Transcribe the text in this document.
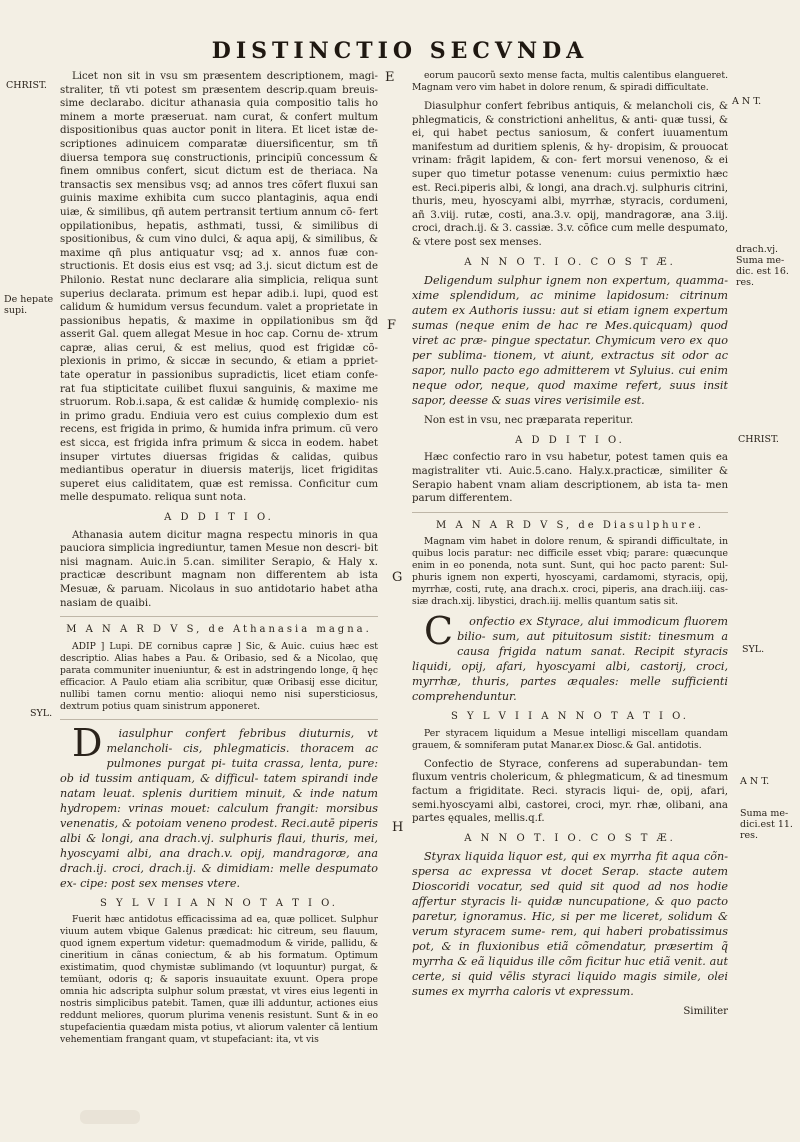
DISTINCTIO SECVNDA
CHRIST.
De hepate supi.
SYL.
E
F
G
H
A N T.
drach.vj. Suma me- dic. est 16. res.
CHRIST.
SYL.
A N T.
Suma me- dici.est 11. res.

Licet non sit in vsu sm præsentem descriptionem, magi- straliter, tñ vti potest sm præsentem descrip.quam breuis- sime declarabo. dicitur athanasia quia compositio talis ho minem a morte præseruat. nam curat, & confert multum dispositionibus quas auctor ponit in litera. Et licet istæ de- scriptiones adinuicem comparatæ diuersificentur, sm tñ diuersa tempora suę constructionis, principiũ concessum & finem omnibus confert, sicut dictum est de theriaca. Na transactis sex mensibus vsq; ad annos tres cõfert fluxui san guinis maxime exhibita cum succo plantaginis, aqua endi uiæ, & similibus, qñ autem pertransit tertium annum cõ- fert oppilationibus, hepatis, asthmati, tussi, & similibus di spositionibus, & cum vino dulci, & aqua apij, & similibus, & maxime qñ plus antiquatur vsq; ad x. annos fuæ con- structionis. Et dosis eius est vsq; ad 3.j. sicut dictum est de Philonio. Restat nunc declarare alia simplicia, reliqua sunt superius declarata. primum est hepar adib.i. lupi, quod est calidum & humidum versus fecundum. valet a proprietate in passionibus hepatis, & maxime in oppilationibus sm q̃d asserit Gal. quem allegat Mesue in hoc cap. Cornu de- xtrum capræ, alias cerui, & est melius, quod est frigidæ cõ- plexionis in primo, & siccæ in secundo, & etiam a ppriet- tate operatur in passionibus supradictis, licet etiam confe- rat fua stipticitate cuilibet fluxui sanguinis, & maxime me struorum. Rob.i.sapa, & est calidæ & humidę complexio- nis in primo gradu. Endiuia vero est cuius complexio dum est recens, est frigida in primo, & humida infra primum. cũ vero est sicca, est frigida infra primum & sicca in eodem. habet insuper virtutes diuersas frigidas & calidas, quibus mediantibus operatur in diuersis materijs, licet frigiditas superet eius caliditatem, quæ est remissa. Conficitur cum melle despumato. reliqua sunt nota.

A D D I T I O.

Athanasia autem dicitur magna respectu minoris in qua pauciora simplicia ingrediuntur, tamen Mesue non descri- bit nisi magnam. Auic.in 5.can. similiter Serapio, & Haly x. practicæ describunt magnam non differentem ab ista Mesuæ, & paruam. Nicolaus in suo antidotario habet atha nasiam de quaibi.

M A N A R D V S, de Athanasia magna.

ADIP ] Lupi. DE cornibus capræ ] Sic, & Auic. cuius hæc est descriptio. Alias habes a Pau. & Oribasio, sed & a Nicolao, quę parata communiter inueniuntur, & est in adstringendo longe, q̃ hęc efficacior. A Paulo etiam alia scribitur, quæ Oribasij esse dicitur, nullibi tamen cornu mentio: alioqui nemo nisi supersticiosus, dextrum potius quam sinistrum apponeret.

Diasulphur confert febribus diuturnis, vt melancholi- cis, phlegmaticis. thoracem ac pulmones purgat pi- tuita crassa, lenta, pure: ob id tussim antiquam, & difficul- tatem spirandi inde natam leuat. splenis duritiem minuit, & inde natum hydropem: vrinas mouet: calculum frangit: morsibus venenatis, & potoiam veneno prodest. Reci.autē piperis albi & longi, ana drach.vj. sulphuris flaui, thuris, mei, hyoscyami albi, ana drach.v. opij, mandragoræ, ana drach.ij. croci, drach.ij. & dimidiam: melle despumato ex- cipe: post sex menses vtere.

S Y L V I I A N N O T A T I O.

Fuerit hæc antidotus efficacissima ad ea, quæ pollicet. Sulphur viuum autem vbique Galenus prædicat: hic citreum, seu flauum, quod ignem expertum videtur: quemadmodum & viride, pallidu, & cineritium in cãnas coniectum, & ab his formatum. Optimum existimatim, quod chymistæ sublimando (vt loquuntur) purgat, & temüant, odoris q; & saporis insuauitate exuunt. Opera prope omnia hic adscripta sulphur solum præstat, vt vires eius legenti in nostris simplicibus patebit. Tamen, quæ illi adduntur, actiones eius reddunt meliores, quorum plurima venenis resistunt. Sunt & in eo stupefacientia quædam mista potius, vt aliorum valenter cã lentium vehementiam frangant quam, vt stupefaciant: ita, vt vis

eorum paucorũ sexto mense facta, multis calentibus elangueret. Magnam vero vim habet in dolore renum, & spiradi difficultate.

Diasulphur confert febribus antiquis, & melancholi cis, & phlegmaticis, & constrictioni anhelitus, & anti- quæ tussi, & ei, qui habet pectus saniosum, & confert iuuamentum manifestum ad duritiem splenis, & hy- dropisim, & prouocat vrinam: frāgit lapidem, & con- fert morsui venenoso, & ei super quo timetur potasse venenum: cuius permixtio hæc est. Reci.piperis albi, & longi, ana drach.vj. sulphuris citrini, thuris, meu, hyoscyami albi, myrrhæ, styracis, cordumeni, añ 3.viij. rutæ, costi, ana.3.v. opij, mandragoræ, ana 3.iij. croci, drach.ij. & 3. cassiæ. 3.v. cõfice cum melle despumato, & vtere post sex menses.

A N N O T. I O. C O S T Æ.

Deligendum sulphur ignem non expertum, quamma- xime splendidum, ac minime lapidosum: citrinum autem ex Authoris iussu: aut si etiam ignem expertum sumas (neque enim de hac re Mes.quicquam) quod viret ac præ- pingue spectatur. Chymicum vero ex quo per sublima- tionem, vt aiunt, extractus sit odor ac sapor, nullo pacto ego admitterem vt Syluius. cui enim neque odor, neque, quod maxime refert, suus insit sapor, deesse & suas vires verisimile est.

Non est in vsu, nec præparata reperitur.

A D D I T I O.

Hæc confectio raro in vsu habetur, potest tamen quis ea magistraliter vti. Auic.5.cano. Haly.x.practicæ, similiter & Serapio habent vnam aliam descriptionem, ab ista ta- men parum differentem.

M A N A R D V S, de Diasulphure.

Magnam vim habet in dolore renum, & spirandi difficultate, in quibus locis paratur: nec difficile esset vbiq; parare: quæcunque enim in eo ponenda, nota sunt. Sunt, qui hoc pacto parent: Sul- phuris ignem non experti, hyoscyami, cardamomi, styracis, opij, myrrhæ, costi, rutę, ana drach.x. croci, piperis, ana drach.iiij. cas- siæ drach.xij. libystici, drach.iij. mellis quantum satis sit.

Confectio ex Styrace, alui immodicum fluorem bilio- sum, aut pituitosum sistit: tinesmum a causa frigida natum sanat. Recipit styracis liquidi, opij, afari, hyoscyami albi, castorij, croci, myrrhæ, thuris, partes æquales: melle sufficienti comprehenduntur.

S Y L V I I A N N O T A T I O.

Per styracem liquidum a Mesue intelligi miscellam quandam grauem, & somniferam putat Manar.ex Diosc.& Gal. antidotis.

Confectio de Styrace, conferens ad superabundan- tem fluxum ventris cholericum, & phlegmaticum, & ad tinesmum factum a frigiditate. Reci. styracis liqui- de, opij, afari, semi.hyoscyami albi, castorei, croci, myr. rhæ, olibani, ana partes ęquales, mellis.q.f.

A N N O T. I O. C O S T Æ.

Styrax liquida liquor est, qui ex myrrha fit aqua cõn- spersa ac expressa vt docet Serap. stacte autem Dioscoridi vocatur, sed quid sit quod ad nos hodie affertur styracis li- quidæ nuncupatione, & quo pacto paretur, ignoramus. Hic, si per me liceret, solidum & verum styracem sume- rem, qui haberi probatissimus pot, & in fluxionibus etiã cõmendatur, præsertim q̃ myrrha & eã liquidus ille cõm ficitur huc etiã venit. aut certe, si quid vēlis styraci liquido magis simile, olei sumes ex myrrha caloris vt expressum.

Similiter
